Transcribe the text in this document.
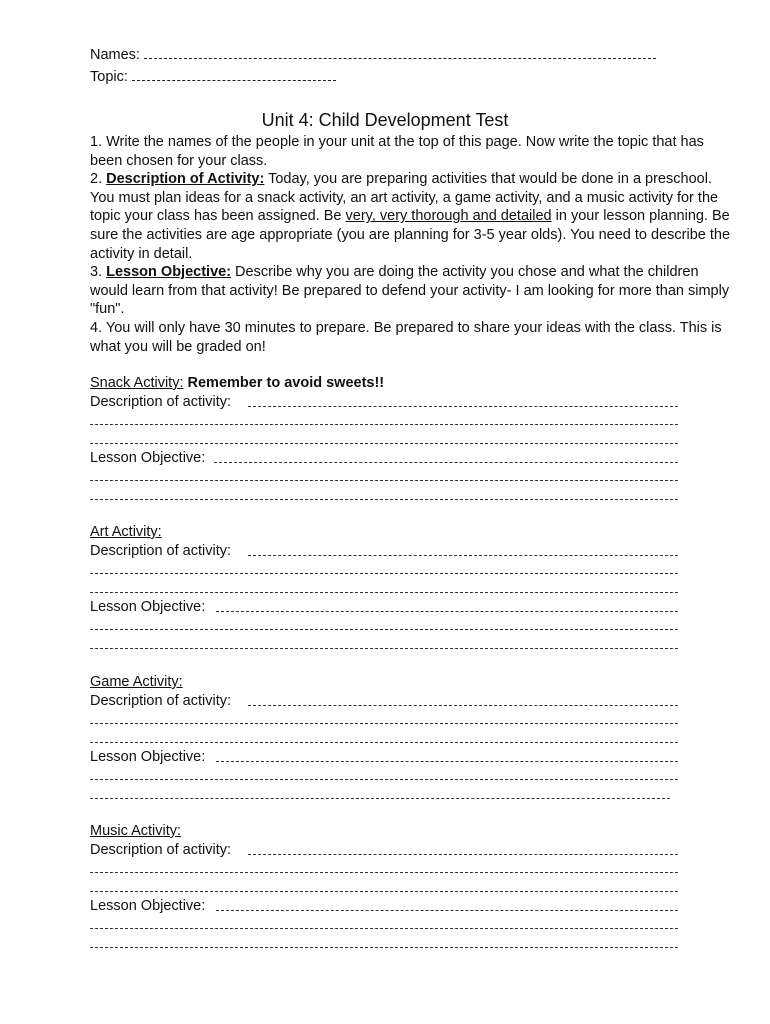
Names:
Topic:
Unit 4: Child Development Test
1. Write the names of the people in your unit at the top of this page. Now write the topic that has been chosen for your class.
2. Description of Activity: Today, you are preparing activities that would be done in a preschool. You must plan ideas for a snack activity, an art activity, a game activity, and a music activity for the topic your class has been assigned. Be very, very thorough and detailed in your lesson planning. Be sure the activities are age appropriate (you are planning for 3-5 year olds). You need to describe the activity in detail.
3. Lesson Objective: Describe why you are doing the activity you chose and what the children would learn from that activity! Be prepared to defend your activity- I am looking for more than simply "fun".
4. You will only have 30 minutes to prepare. Be prepared to share your ideas with the class. This is what you will be graded on!
Snack Activity: Remember to avoid sweets!!
Description of activity:
Lesson Objective:
Art Activity:
Description of activity:
Lesson Objective:
Game Activity:
Description of activity:
Lesson Objective:
Music Activity:
Description of activity:
Lesson Objective:
